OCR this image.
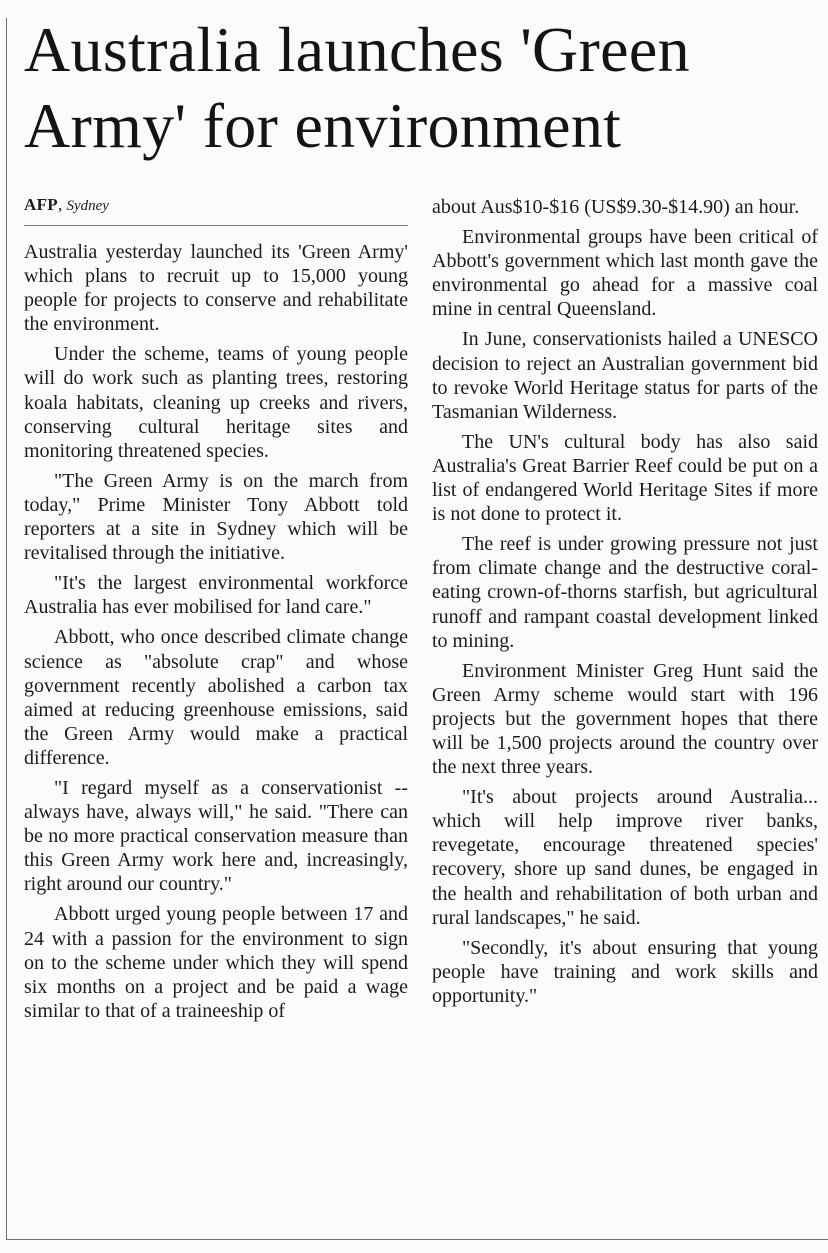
Australia launches 'Green Army' for environment
AFP, Sydney

Australia yesterday launched its 'Green Army' which plans to recruit up to 15,000 young people for projects to conserve and rehabilitate the environment.

Under the scheme, teams of young people will do work such as planting trees, restoring koala habitats, cleaning up creeks and rivers, conserving cultural heritage sites and monitoring threatened species.

"The Green Army is on the march from today," Prime Minister Tony Abbott told reporters at a site in Sydney which will be revitalised through the initiative.

"It's the largest environmental workforce Australia has ever mobilised for land care."

Abbott, who once described climate change science as "absolute crap" and whose government recently abolished a carbon tax aimed at reducing greenhouse emissions, said the Green Army would make a practical difference.

"I regard myself as a conservationist -- always have, always will," he said. "There can be no more practical conservation measure than this Green Army work here and, increasingly, right around our country."

Abbott urged young people between 17 and 24 with a passion for the environment to sign on to the scheme under which they will spend six months on a project and be paid a wage similar to that of a traineeship of

about Aus$10-$16 (US$9.30-$14.90) an hour.

Environmental groups have been critical of Abbott's government which last month gave the environmental go ahead for a massive coal mine in central Queensland.

In June, conservationists hailed a UNESCO decision to reject an Australian government bid to revoke World Heritage status for parts of the Tasmanian Wilderness.

The UN's cultural body has also said Australia's Great Barrier Reef could be put on a list of endangered World Heritage Sites if more is not done to protect it.

The reef is under growing pressure not just from climate change and the destructive coral-eating crown-of-thorns starfish, but agricultural runoff and rampant coastal development linked to mining.

Environment Minister Greg Hunt said the Green Army scheme would start with 196 projects but the government hopes that there will be 1,500 projects around the country over the next three years.

"It's about projects around Australia... which will help improve river banks, revegetate, encourage threatened species' recovery, shore up sand dunes, be engaged in the health and rehabilitation of both urban and rural landscapes," he said.

"Secondly, it's about ensuring that young people have training and work skills and opportunity."
